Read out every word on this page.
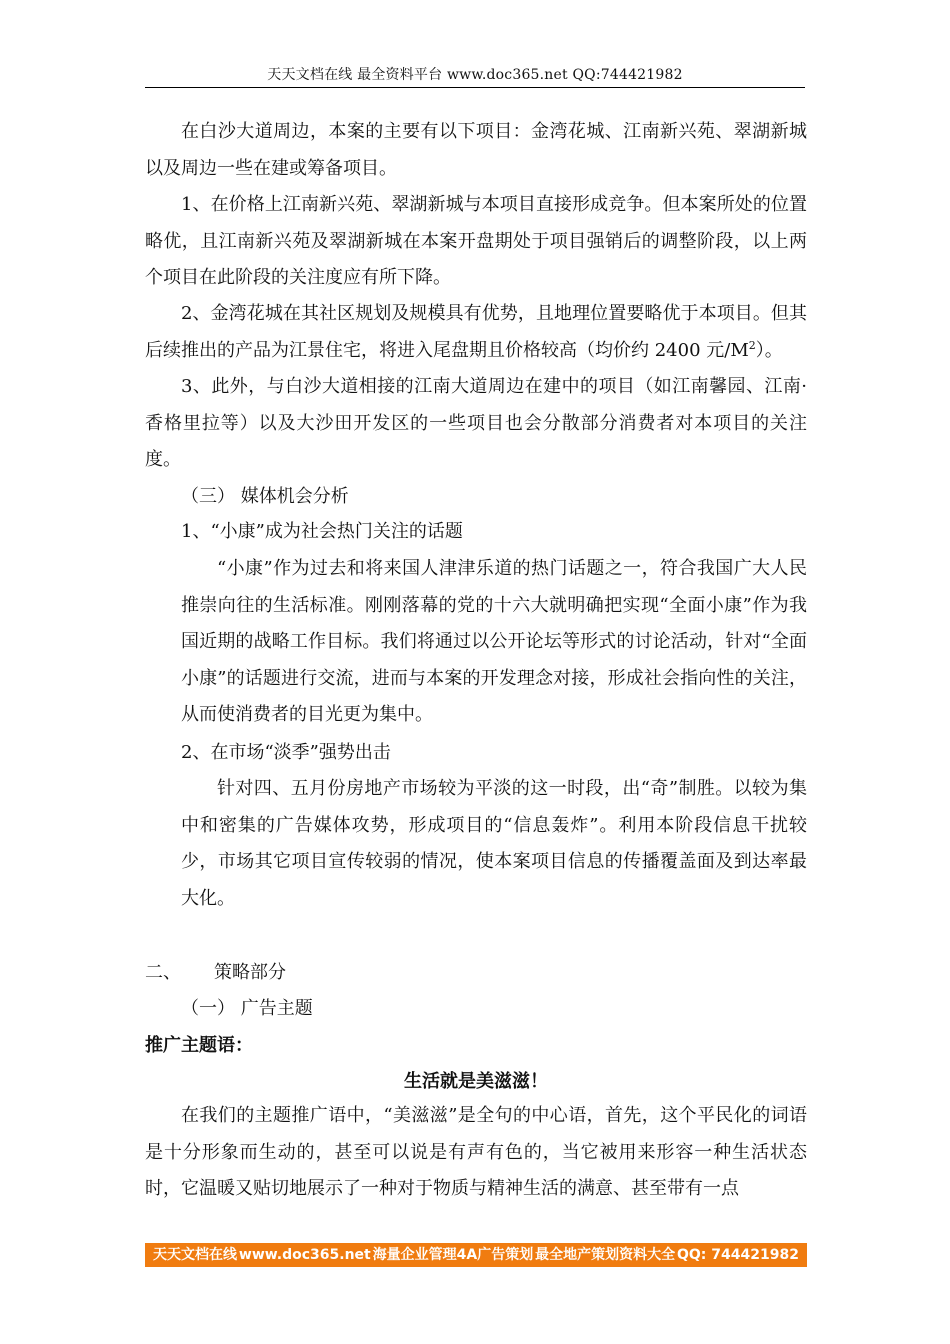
天天文档在线 最全资料平台 www.doc365.net QQ:744421982

在白沙大道周边，本案的主要有以下项目：金湾花城、江南新兴苑、翠湖新城以及周边一些在建或筹备项目。

1、在价格上江南新兴苑、翠湖新城与本项目直接形成竞争。但本案所处的位置略优，且江南新兴苑及翠湖新城在本案开盘期处于项目强销后的调整阶段，以上两个项目在此阶段的关注度应有所下降。

2、金湾花城在其社区规划及规模具有优势，且地理位置要略优于本项目。但其后续推出的产品为江景住宅，将进入尾盘期且价格较高（均价约 2400 元$/M^2$）。

3、此外，与白沙大道相接的江南大道周边在建中的项目（如江南馨园、江南·香格里拉等）以及大沙田开发区的一些项目也会分散部分消费者对本项目的关注度。

（三） 媒体机会分析
1、“小康”成为社会热门关注的话题

“小康”作为过去和将来国人津津乐道的热门话题之一，符合我国广大人民推崇向往的生活标准。刚刚落幕的党的十六大就明确把实现“全面小康”作为我国近期的战略工作目标。我们将通过以公开论坛等形式的讨论活动，针对“全面小康”的话题进行交流，进而与本案的开发理念对接，形成社会指向性的关注，从而使消费者的目光更为集中。

2、在市场“淡季”强势出击

针对四、五月份房地产市场较为平淡的这一时段，出“奇”制胜。以较为集中和密集的广告媒体攻势，形成项目的“信息轰炸”。利用本阶段信息干扰较少，市场其它项目宣传较弱的情况，使本案项目信息的传播覆盖面及到达率最大化。

二、 策略部分
（一） 广告主题
推广主题语：
生活就是美滋滋！

在我们的主题推广语中，“美滋滋”是全句的中心语，首先，这个平民化的词语是十分形象而生动的，甚至可以说是有声有色的，当它被用来形容一种生活状态时，它温暖又贴切地展示了一种对于物质与精神生活的满意、甚至带有一点

天天文档在线 www.doc365.net 海量企业管理4A广告策划 最全地产策划资料大全 QQ: 744421982
